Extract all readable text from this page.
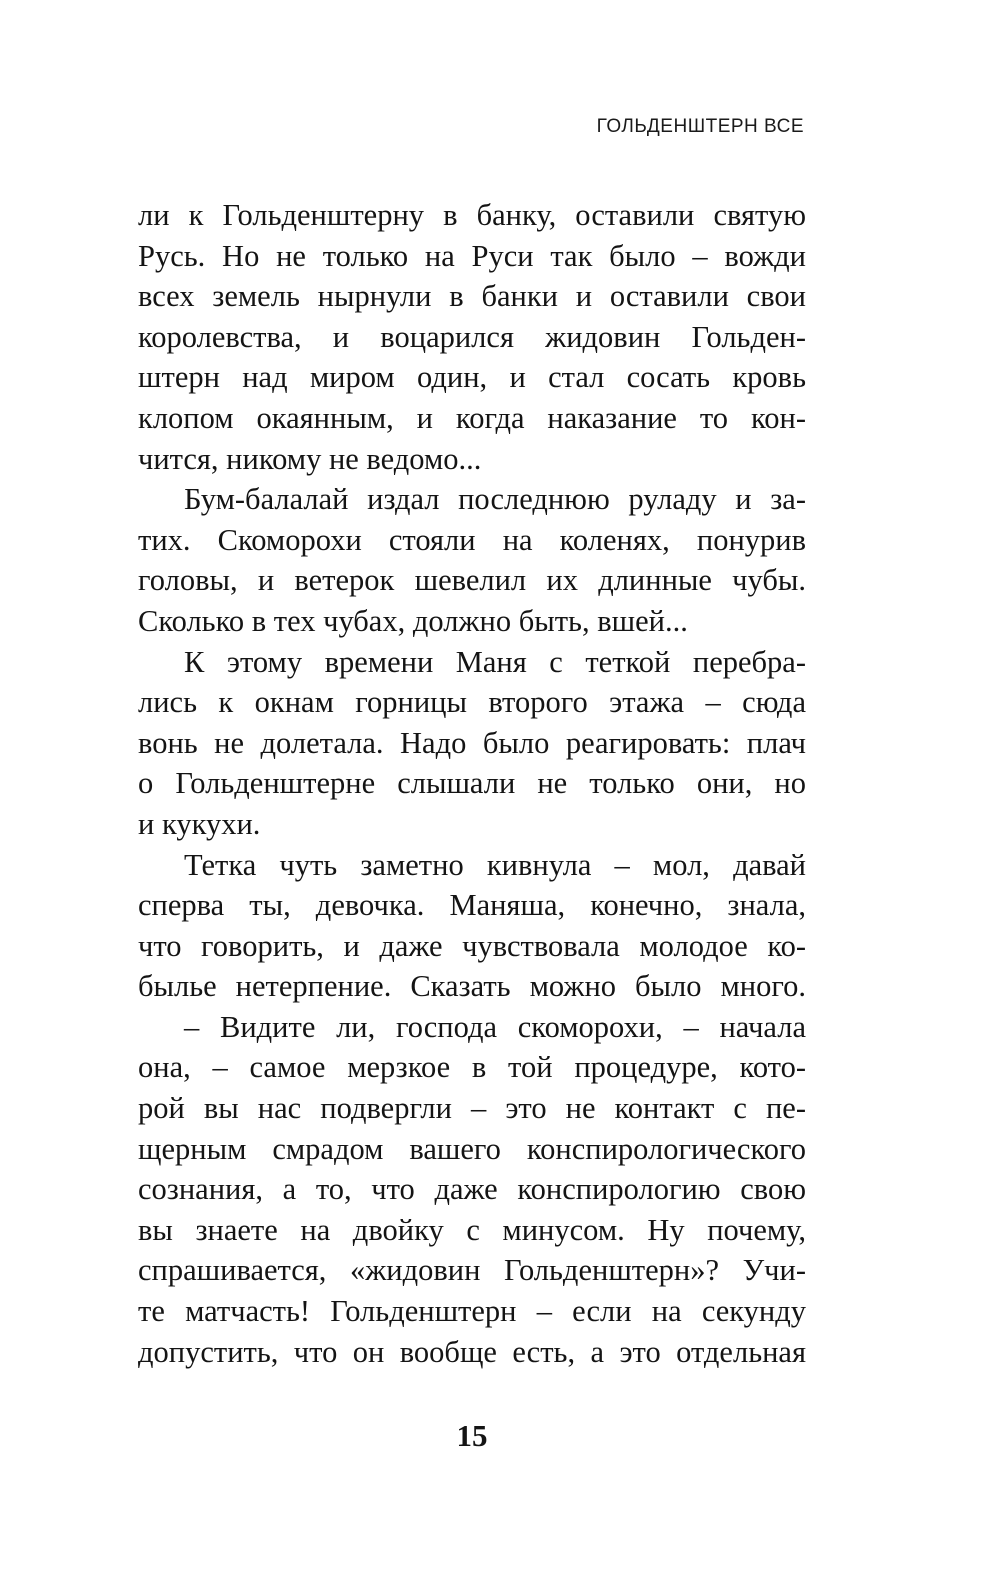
ГОЛЬДЕНШТЕРН ВСЕ
ли к Гольденштерну в банку, оставили святую
Русь. Но не только на Руси так было – вожди
всех земель нырнули в банки и оставили свои
королевства, и воцарился жидовин Гольден-
штерн над миром один, и стал сосать кровь
клопом окаянным, и когда наказание то кон-
чится, никому не ведомо...
Бум-балалай издал последнюю руладу и за-
тих. Скоморохи стояли на коленях, понурив
головы, и ветерок шевелил их длинные чубы.
Сколько в тех чубах, должно быть, вшей...
К этому времени Маня с теткой перебра-
лись к окнам горницы второго этажа – сюда
вонь не долетала. Надо было реагировать: плач
о Гольденштерне слышали не только они, но
и кукухи.
Тетка чуть заметно кивнула – мол, давай
сперва ты, девочка. Маняша, конечно, знала,
что говорить, и даже чувствовала молодое ко-
былье нетерпение. Сказать можно было много.
– Видите ли, господа скоморохи, – начала
она, – самое мерзкое в той процедуре, кото-
рой вы нас подвергли – это не контакт с пе-
щерным смрадом вашего конспирологического
сознания, а то, что даже конспирологию свою
вы знаете на двойку с минусом. Ну почему,
спрашивается, «жидовин Гольденштерн»? Учи-
те матчасть! Гольденштерн – если на секунду
допустить, что он вообще есть, а это отдельная
15
